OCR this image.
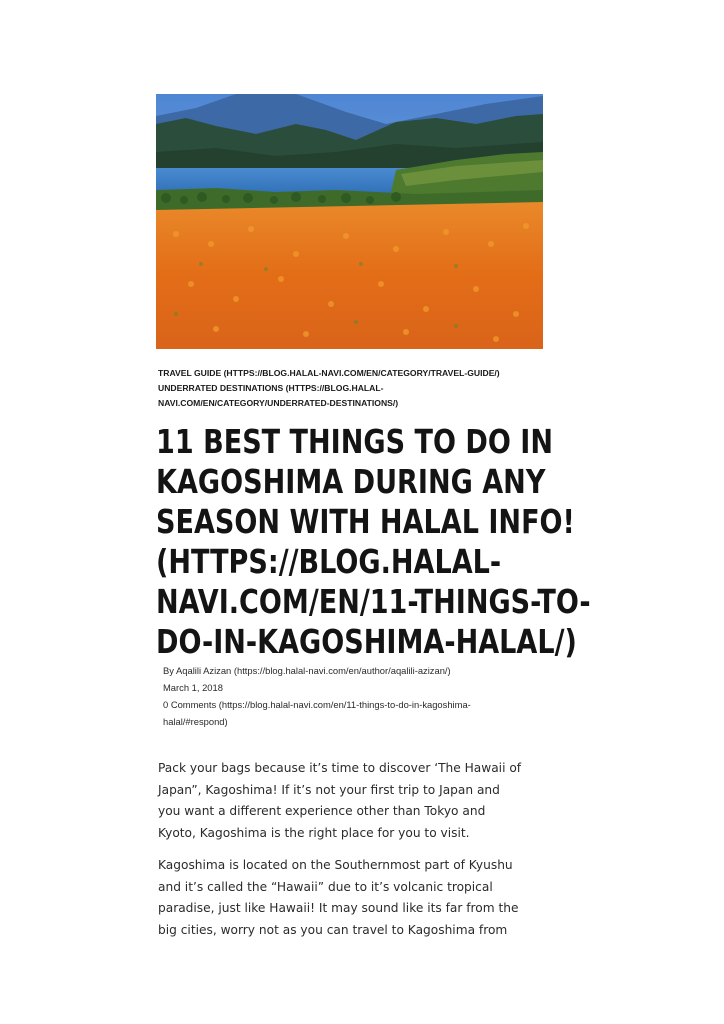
TRAVEL GUIDE (HTTPS://BLOG.HALAL-NAVI.COM/EN/CATEGORY/TRAVEL-GUIDE/)
UNDERRATED DESTINATIONS (HTTPS://BLOG.HALAL-
NAVI.COM/EN/CATEGORY/UNDERRATED-DESTINATIONS/)
11 BEST THINGS TO DO IN
KAGOSHIMA DURING ANY
SEASON WITH HALAL INFO!
(HTTPS://BLOG.HALAL-
NAVI.COM/EN/11-THINGS-TO-
DO-IN-KAGOSHIMA-HALAL/)
By Aqalili Azizan (https://blog.halal-navi.com/en/author/aqalili-azizan/)
March 1, 2018
0 Comments (https://blog.halal-navi.com/en/11-things-to-do-in-kagoshima-
halal/#respond)

Pack your bags because it’s time to discover ‘The Hawaii of
Japan”, Kagoshima! If it’s not your first trip to Japan and
you want a different experience other than Tokyo and
Kyoto, Kagoshima is the right place for you to visit.

Kagoshima is located on the Southernmost part of Kyushu
and it’s called the “Hawaii” due to it’s volcanic tropical
paradise, just like Hawaii! It may sound like its far from the
big cities, worry not as you can travel to Kagoshima from
